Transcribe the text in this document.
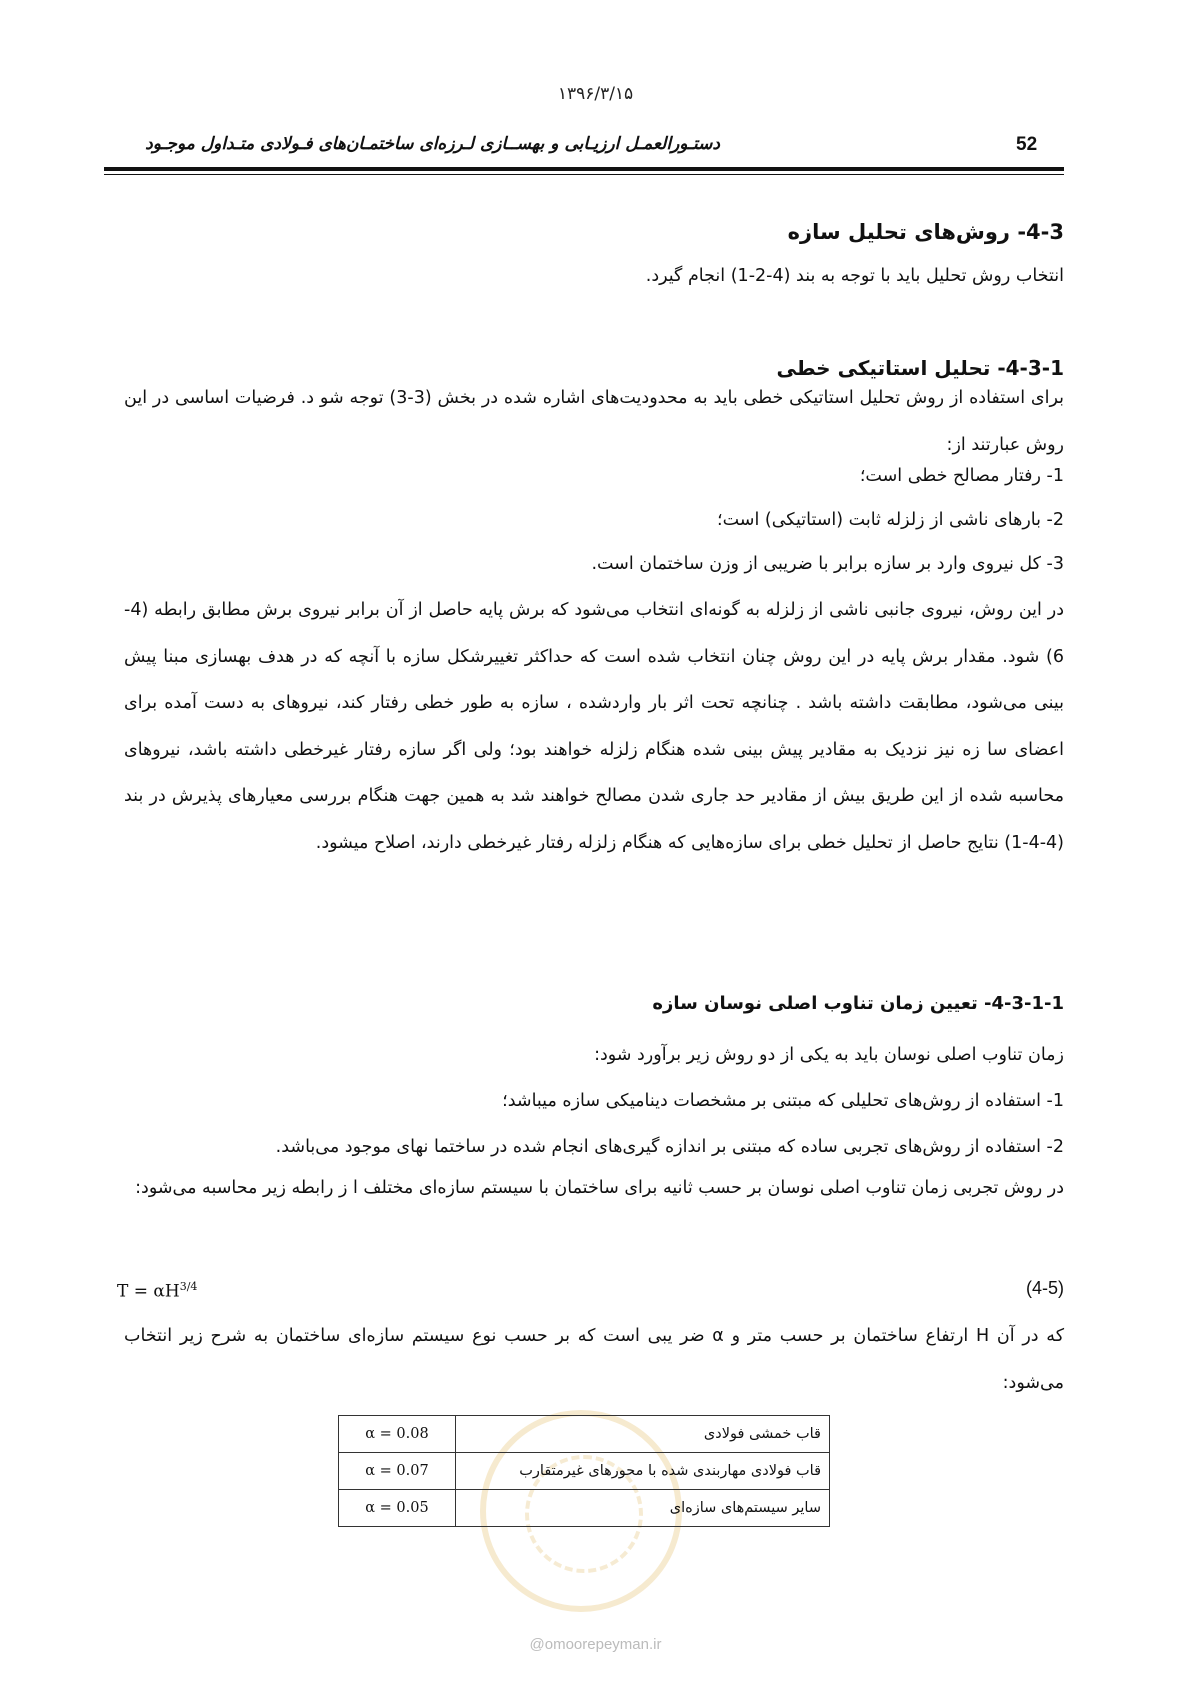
۱۳۹۶/۳/۱۵
52
دستـورالعمـل ارزیـابی و بهســازی لـرزه‌ای ساختمـان‌های فـولادی متـداول موجـود
4-3- روش‌های تحلیل سازه
انتخاب روش تحلیل باید با توجه به بند (4-2-1) انجام گیرد.
4-3-1- تحلیل استاتیکی خطی
برای استفاده از روش تحلیل استاتیکی خطی باید به محدودیت‌های اشاره شده در بخش (3-3) توجه شو د. فرضیات اساسی در این روش عبارتند از:
1- رفتار مصالح خطی است؛
2- بارهای ناشی از زلزله ثابت (استاتیکی) است؛
3- کل نیروی وارد بر سازه برابر با ضریبی از وزن ساختمان است.
در این روش، نیروی جانبی ناشی از زلزله به گونه‌ای انتخاب می‌شود که برش پایه حاصل از آن برابر نیروی برش مطابق رابطه (4-6) شود. مقدار برش پایه در این روش چنان انتخاب شده است که حداکثر تغییرشکل سازه با آنچه که در هدف بهسازی مبنا پیش بینی می‌شود، مطابقت داشته باشد . چنانچه تحت اثر بار واردشده ، سازه به طور خطی رفتار کند، نیروهای به دست آمده برای اعضای سا زه نیز نزدیک به مقادیر پیش بینی شده هنگام زلزله خواهند بود؛ ولی اگر سازه رفتار غیرخطی داشته باشد، نیروهای محاسبه شده از این طریق بیش از مقادیر حد جاری شدن مصالح خواهند شد به همین جهت هنگام بررسی معیارهای پذیرش در بند (4-4-1) نتایج حاصل از تحلیل خطی برای سازه‌هایی که هنگام زلزله رفتار غیرخطی دارند، اصلاح میشود.
4-3-1-1- تعیین زمان تناوب اصلی نوسان سازه
زمان تناوب اصلی نوسان باید به یکی از دو روش زیر برآورد شود:
1- استفاده از روش‌های تحلیلی که مبتنی بر مشخصات دینامیکی سازه میباشد؛
2- استفاده از روش‌های تجربی ساده که مبتنی بر اندازه گیری‌های انجام شده در ساختما نهای موجود می‌باشد.
در روش تجربی زمان تناوب اصلی نوسان بر حسب ثانیه برای ساختمان با سیستم سازه‌ای مختلف ا ز رابطه زیر محاسبه می‌شود:
$T = \alpha H^{3/4}$	(4-5)
که در آن H ارتفاع ساختمان بر حسب متر و α ضر یبی است که بر حسب نوع سیستم سازه‌ای ساختمان به شرح زیر انتخاب می‌شود:
α = 0.08	قاب خمشی فولادی
α = 0.07	قاب فولادی مهاربندی شده با محورهای غیرمتقارب
α = 0.05	سایر سیستم‌های سازه‌ای
@omoorepeyman.ir
